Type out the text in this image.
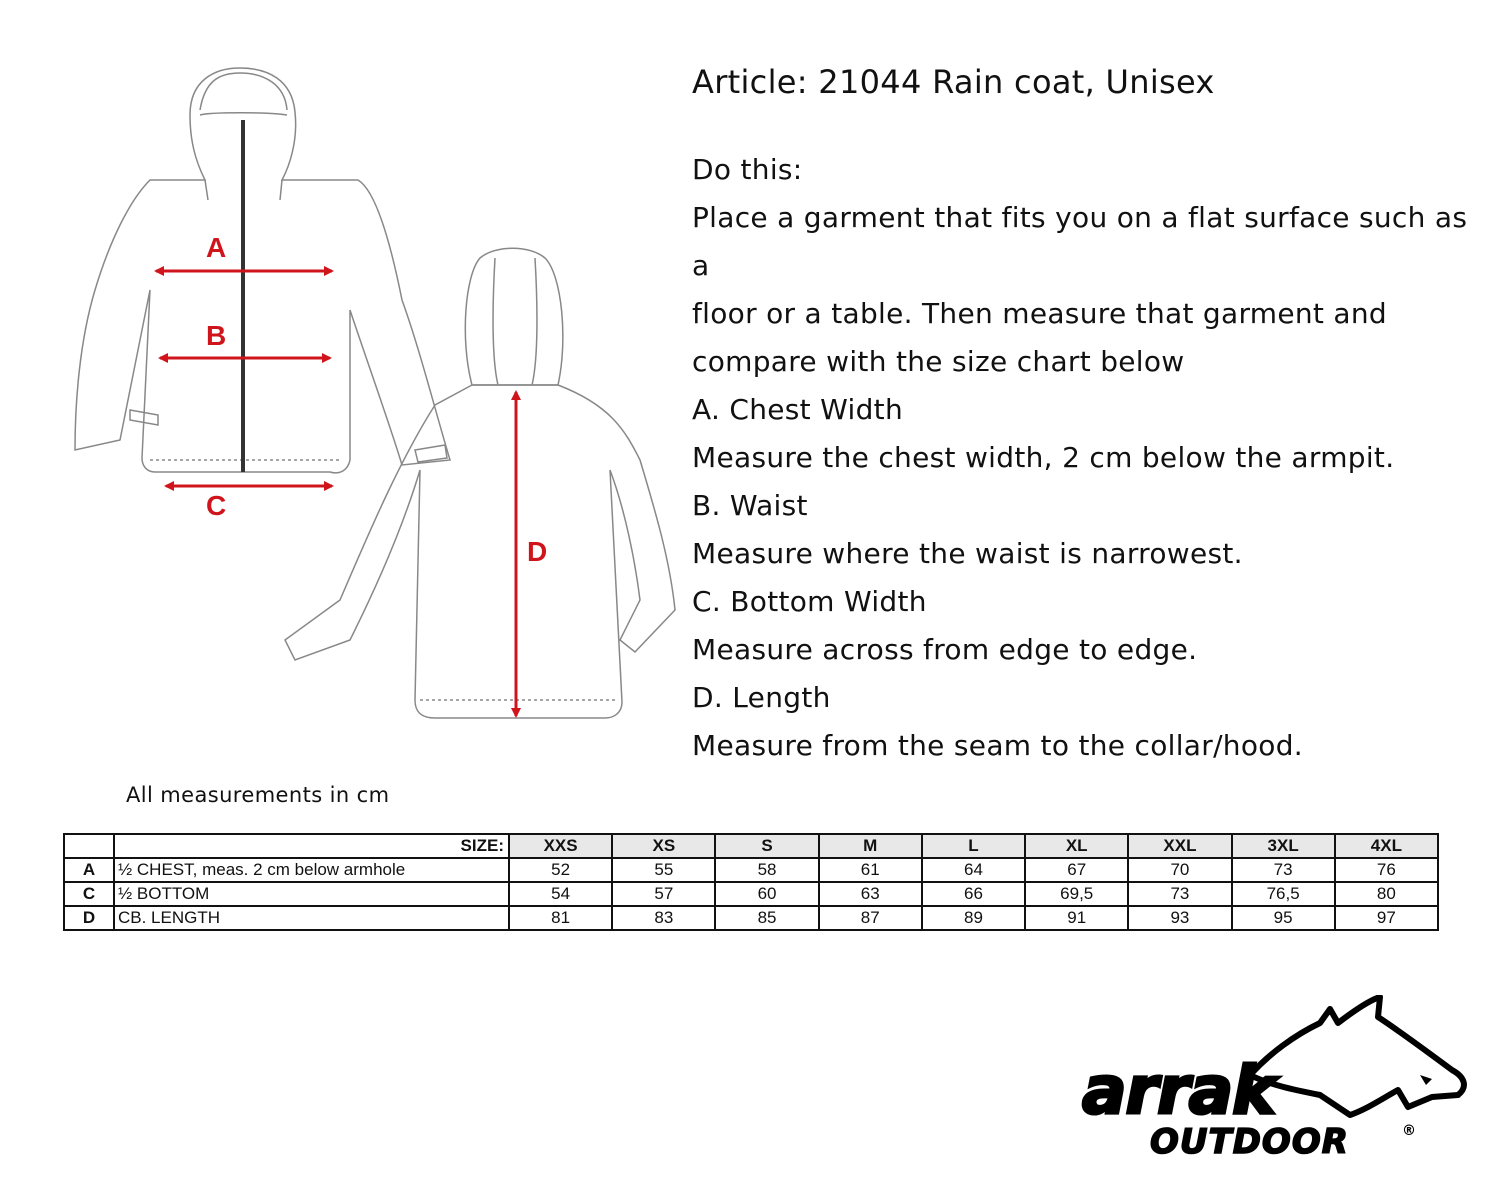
A
B
C
D
Article: 21044 Rain coat, Unisex

Do this:

Place a garment that fits you on a flat surface such as a

floor or a table. Then measure that garment and

compare with the size chart below

A. Chest Width

Measure the chest width, 2 cm below the armpit.

B. Waist

Measure where the waist is narrowest.

C. Bottom Width

Measure across from edge to edge.

D. Length

Measure from the seam to the collar/hood.

All measurements in cm
	SIZE:	XXS	XS	S	M	L	XL	XXL	3XL	4XL
A	½ CHEST, meas. 2 cm below armhole	52	55	58	61	64	67	70	73	76
C	½ BOTTOM	54	57	60	63	66	69,5	73	76,5	80
D	CB. LENGTH	81	83	85	87	89	91	93	95	97
arrak
OUTDOOR	®
